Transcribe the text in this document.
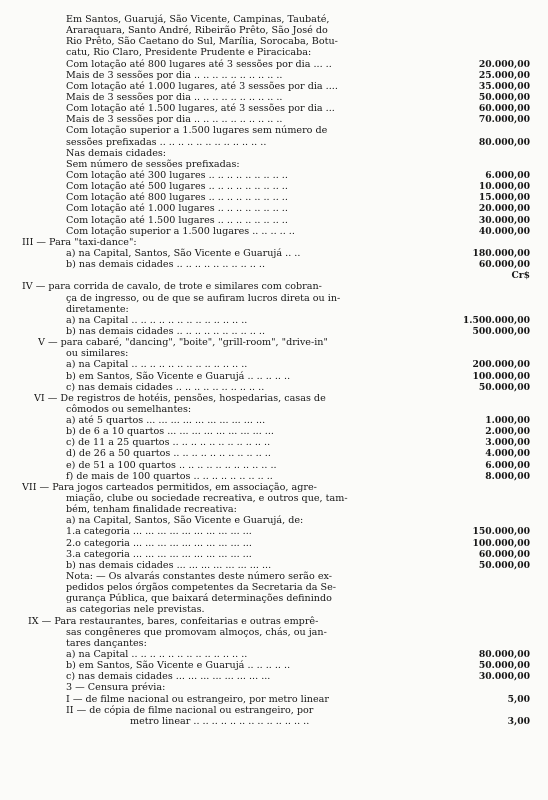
Em Santos, Guarujá, São Vicente, Campinas, Taubaté,
Araraquara, Santo André, Ribeirão Prêto, São José do
Rio Prêto, São Caetano do Sul, Marília, Sorocaba, Botu-
catu, Rio Claro, Presidente Prudente e Piracicaba:
Com lotação até 800 lugares até 3 sessões por dia ... ..	20.000,00
Mais de 3 sessões por dia .. .. .. .. .. .. .. .. .. ..	25.000,00
Com lotação até 1.000 lugares, até 3 sessões por dia ....	35.000,00
Mais de 3 sessões por dia .. .. .. .. .. .. .. .. .. ..	50.000,00
Com lotação até 1.500 lugares, até 3 sessões por dia ...	60.000,00
Mais de 3 sessões por dia .. .. .. .. .. .. .. .. .. ..	70.000,00
Com lotação superior a 1.500 lugares sem número de
sessões prefixadas .. .. .. .. .. .. .. .. .. .. .. ..	80.000,00
Nas demais cidades:
Sem número de sessões prefixadas:
Com lotação até 300 lugares .. .. .. .. .. .. .. .. ..	6.000,00
Com lotação até 500 lugares .. .. .. .. .. .. .. .. ..	10.000,00
Com lotação até 800 lugares .. .. .. .. .. .. .. .. ..	15.000,00
Com lotação até 1.000 lugares .. .. .. .. .. .. .. ..	20.000,00
Com lotação até 1.500 lugares .. .. .. .. .. .. .. ..	30.000,00
Com lotação superior a 1.500 lugares .. .. .. .. ..	40.000,00
III — Para "taxi-dance":
a) na Capital, Santos, São Vicente e Guarujá .. ..	180.000,00
b) nas demais cidades .. .. .. .. .. .. .. .. .. ..	60.000,00
Cr$
IV — para corrida de cavalo, de trote e similares com cobran-
ça de ingresso, ou de que se aufiram lucros direta ou in-
diretamente:
a) na Capital .. .. .. .. .. .. .. .. .. .. .. .. ..	1.500.000,00
b) nas demais cidades .. .. .. .. .. .. .. .. .. ..	500.000,00
V — para cabaré, "dancing", "boite", "grill-room", "drive-in"
ou similares:
a) na Capital .. .. .. .. .. .. .. .. .. .. .. .. ..	200.000,00
b) em Santos, São Vicente e Guarujá .. .. .. .. ..	100.000,00
c) nas demais cidades .. .. .. .. .. .. .. .. .. ..	50.000,00
VI — De registros de hotéis, pensões, hospedarias, casas de
cômodos ou semelhantes:
a) até 5 quartos ... ... ... ... ... ... ... ... ... ...	1.000,00
b) de 6 a 10 quartos ... ... ... ... ... ... ... ... ...	2.000,00
c) de 11 a 25 quartos .. .. .. .. .. .. .. .. .. .. ..	3.000,00
d) de 26 a 50 quartos .. .. .. .. .. .. .. .. .. .. ..	4.000,00
e) de 51 a 100 quartos .. .. .. .. .. .. .. .. .. .. ..	6.000,00
f) de mais de 100 quartos .. .. .. .. .. .. .. .. ..	8.000,00
VII — Para jogos carteados permitidos, em associação, agre-
miação, clube ou sociedade recreativa, e outros que, tam-
bém, tenham finalidade recreativa:
a) na Capital, Santos, São Vicente e Guarujá, de:
1.a categoria ... ... ... ... ... ... ... ... ... ...	150.000,00
2.o categoria ... ... ... ... ... ... ... ... ... ...	100.000,00
3.a categoria ... ... ... ... ... ... ... ... ... ...	60.000,00
b) nas demais cidades ... ... ... ... ... ... ... ...	50.000,00
Nota: — Os alvarás constantes deste número serão ex-
pedidos pelos órgãos competentes da Secretaria da Se-
gurança Pública, que baixará determinações definindo
as categorias nele previstas.
IX — Para restaurantes, bares, confeitarias e outras emprê-
sas congêneres que promovam almoços, chás, ou jan-
tares dançantes:
a) na Capital .. .. .. .. .. .. .. .. .. .. .. .. ..	80.000,00
b) em Santos, São Vicente e Guarujá .. .. .. .. ..	50.000,00
c) nas demais cidades ... ... ... ... ... ... ... ...	30.000,00
3 — Censura prévia:
I — de filme nacional ou estrangeiro, por metro linear	5,00
II — de cópia de filme nacional ou estrangeiro, por
metro linear .. .. .. .. .. .. .. .. .. .. .. .. ..	3,00
